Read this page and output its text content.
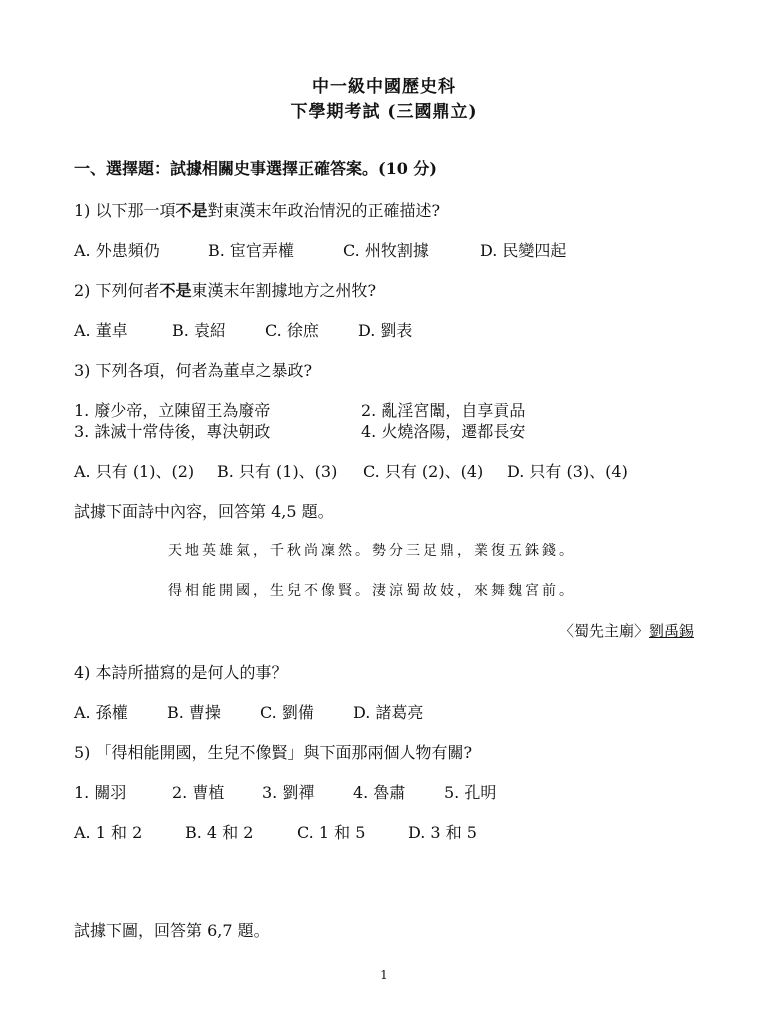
中一級中國歷史科
下學期考試 (三國鼎立)
一、選擇題：試據相關史事選擇正確答案。(10 分)
1) 以下那一項不是對東漢末年政治情況的正確描述?
A. 外患頻仍	B. 宦官弄權	C. 州牧割據	D. 民變四起
2) 下列何者不是東漢末年割據地方之州牧?
A. 董卓	B. 袁紹 C. 徐庶 D. 劉表
3) 下列各項，何者為董卓之暴政?
1. 廢少帝，立陳留王為廢帝	2. 亂淫宮闈，自享貢品
3. 誅滅十常侍後，專決朝政	4. 火燒洛陽，遷都長安
A. 只有 (1)、(2) B. 只有 (1)、(3) C. 只有 (2)、(4) D. 只有 (3)、(4)
試據下面詩中內容，回答第 4,5 題。
天地英雄氣，千秋尚凜然。勢分三足鼎，業復五銖錢。
得相能開國，生兒不像賢。淒涼蜀故妓，來舞魏宮前。
〈蜀先主廟〉劉禹錫
4) 本詩所描寫的是何人的事？
A. 孫權 B. 曹操 C. 劉備 D. 諸葛亮
5) 「得相能開國，生兒不像賢」與下面那兩個人物有關?
1. 關羽	2. 曹植 3. 劉禪 4. 魯肅 5. 孔明
A. 1 和 2	B. 4 和 2	C. 1 和 5	D. 3 和 5
試據下圖，回答第 6,7 題。
1
